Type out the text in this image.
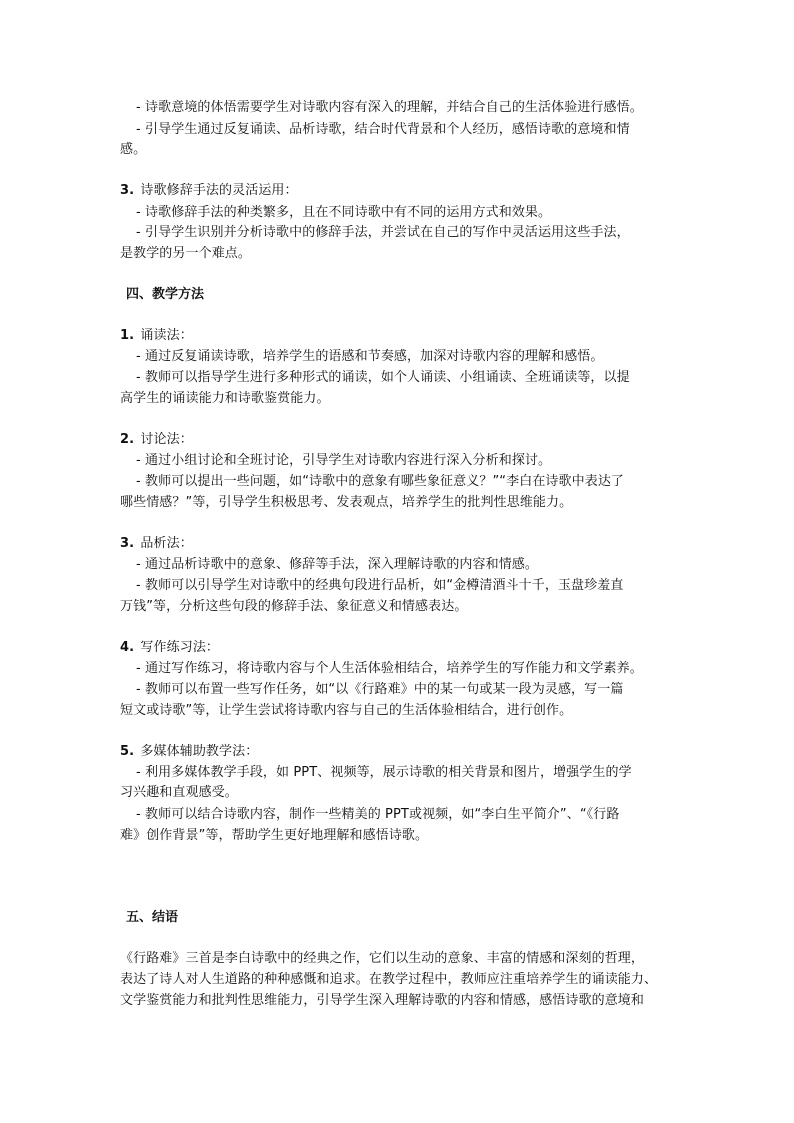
- 诗歌意境的体悟需要学生对诗歌内容有深入的理解，并结合自己的生活体验进行感悟。
- 引导学生通过反复诵读、品析诗歌，结合时代背景和个人经历，感悟诗歌的意境和情
感。
3. 诗歌修辞手法的灵活运用：
- 诗歌修辞手法的种类繁多，且在不同诗歌中有不同的运用方式和效果。
- 引导学生识别并分析诗歌中的修辞手法，并尝试在自己的写作中灵活运用这些手法，
是教学的另一个难点。
四、教学方法
1. 诵读法：
- 通过反复诵读诗歌，培养学生的语感和节奏感，加深对诗歌内容的理解和感悟。
- 教师可以指导学生进行多种形式的诵读，如个人诵读、小组诵读、全班诵读等，以提
高学生的诵读能力和诗歌鉴赏能力。
2. 讨论法：
- 通过小组讨论和全班讨论，引导学生对诗歌内容进行深入分析和探讨。
- 教师可以提出一些问题，如“诗歌中的意象有哪些象征意义？”“李白在诗歌中表达了
哪些情感？”等，引导学生积极思考、发表观点，培养学生的批判性思维能力。
3. 品析法：
- 通过品析诗歌中的意象、修辞等手法，深入理解诗歌的内容和情感。
- 教师可以引导学生对诗歌中的经典句段进行品析，如“金樽清酒斗十千，玉盘珍羞直
万钱”等，分析这些句段的修辞手法、象征意义和情感表达。
4. 写作练习法：
- 通过写作练习，将诗歌内容与个人生活体验相结合，培养学生的写作能力和文学素养。
- 教师可以布置一些写作任务，如“以《行路难》中的某一句或某一段为灵感，写一篇
短文或诗歌”等，让学生尝试将诗歌内容与自己的生活体验相结合，进行创作。
5. 多媒体辅助教学法：
- 利用多媒体教学手段，如 PPT、视频等，展示诗歌的相关背景和图片，增强学生的学
习兴趣和直观感受。
- 教师可以结合诗歌内容，制作一些精美的 PPT或视频，如“李白生平简介”、“《行路
难》创作背景”等，帮助学生更好地理解和感悟诗歌。
五、结语
《行路难》三首是李白诗歌中的经典之作，它们以生动的意象、丰富的情感和深刻的哲理，
表达了诗人对人生道路的种种感慨和追求。在教学过程中，教师应注重培养学生的诵读能力、
文学鉴赏能力和批判性思维能力，引导学生深入理解诗歌的内容和情感，感悟诗歌的意境和
